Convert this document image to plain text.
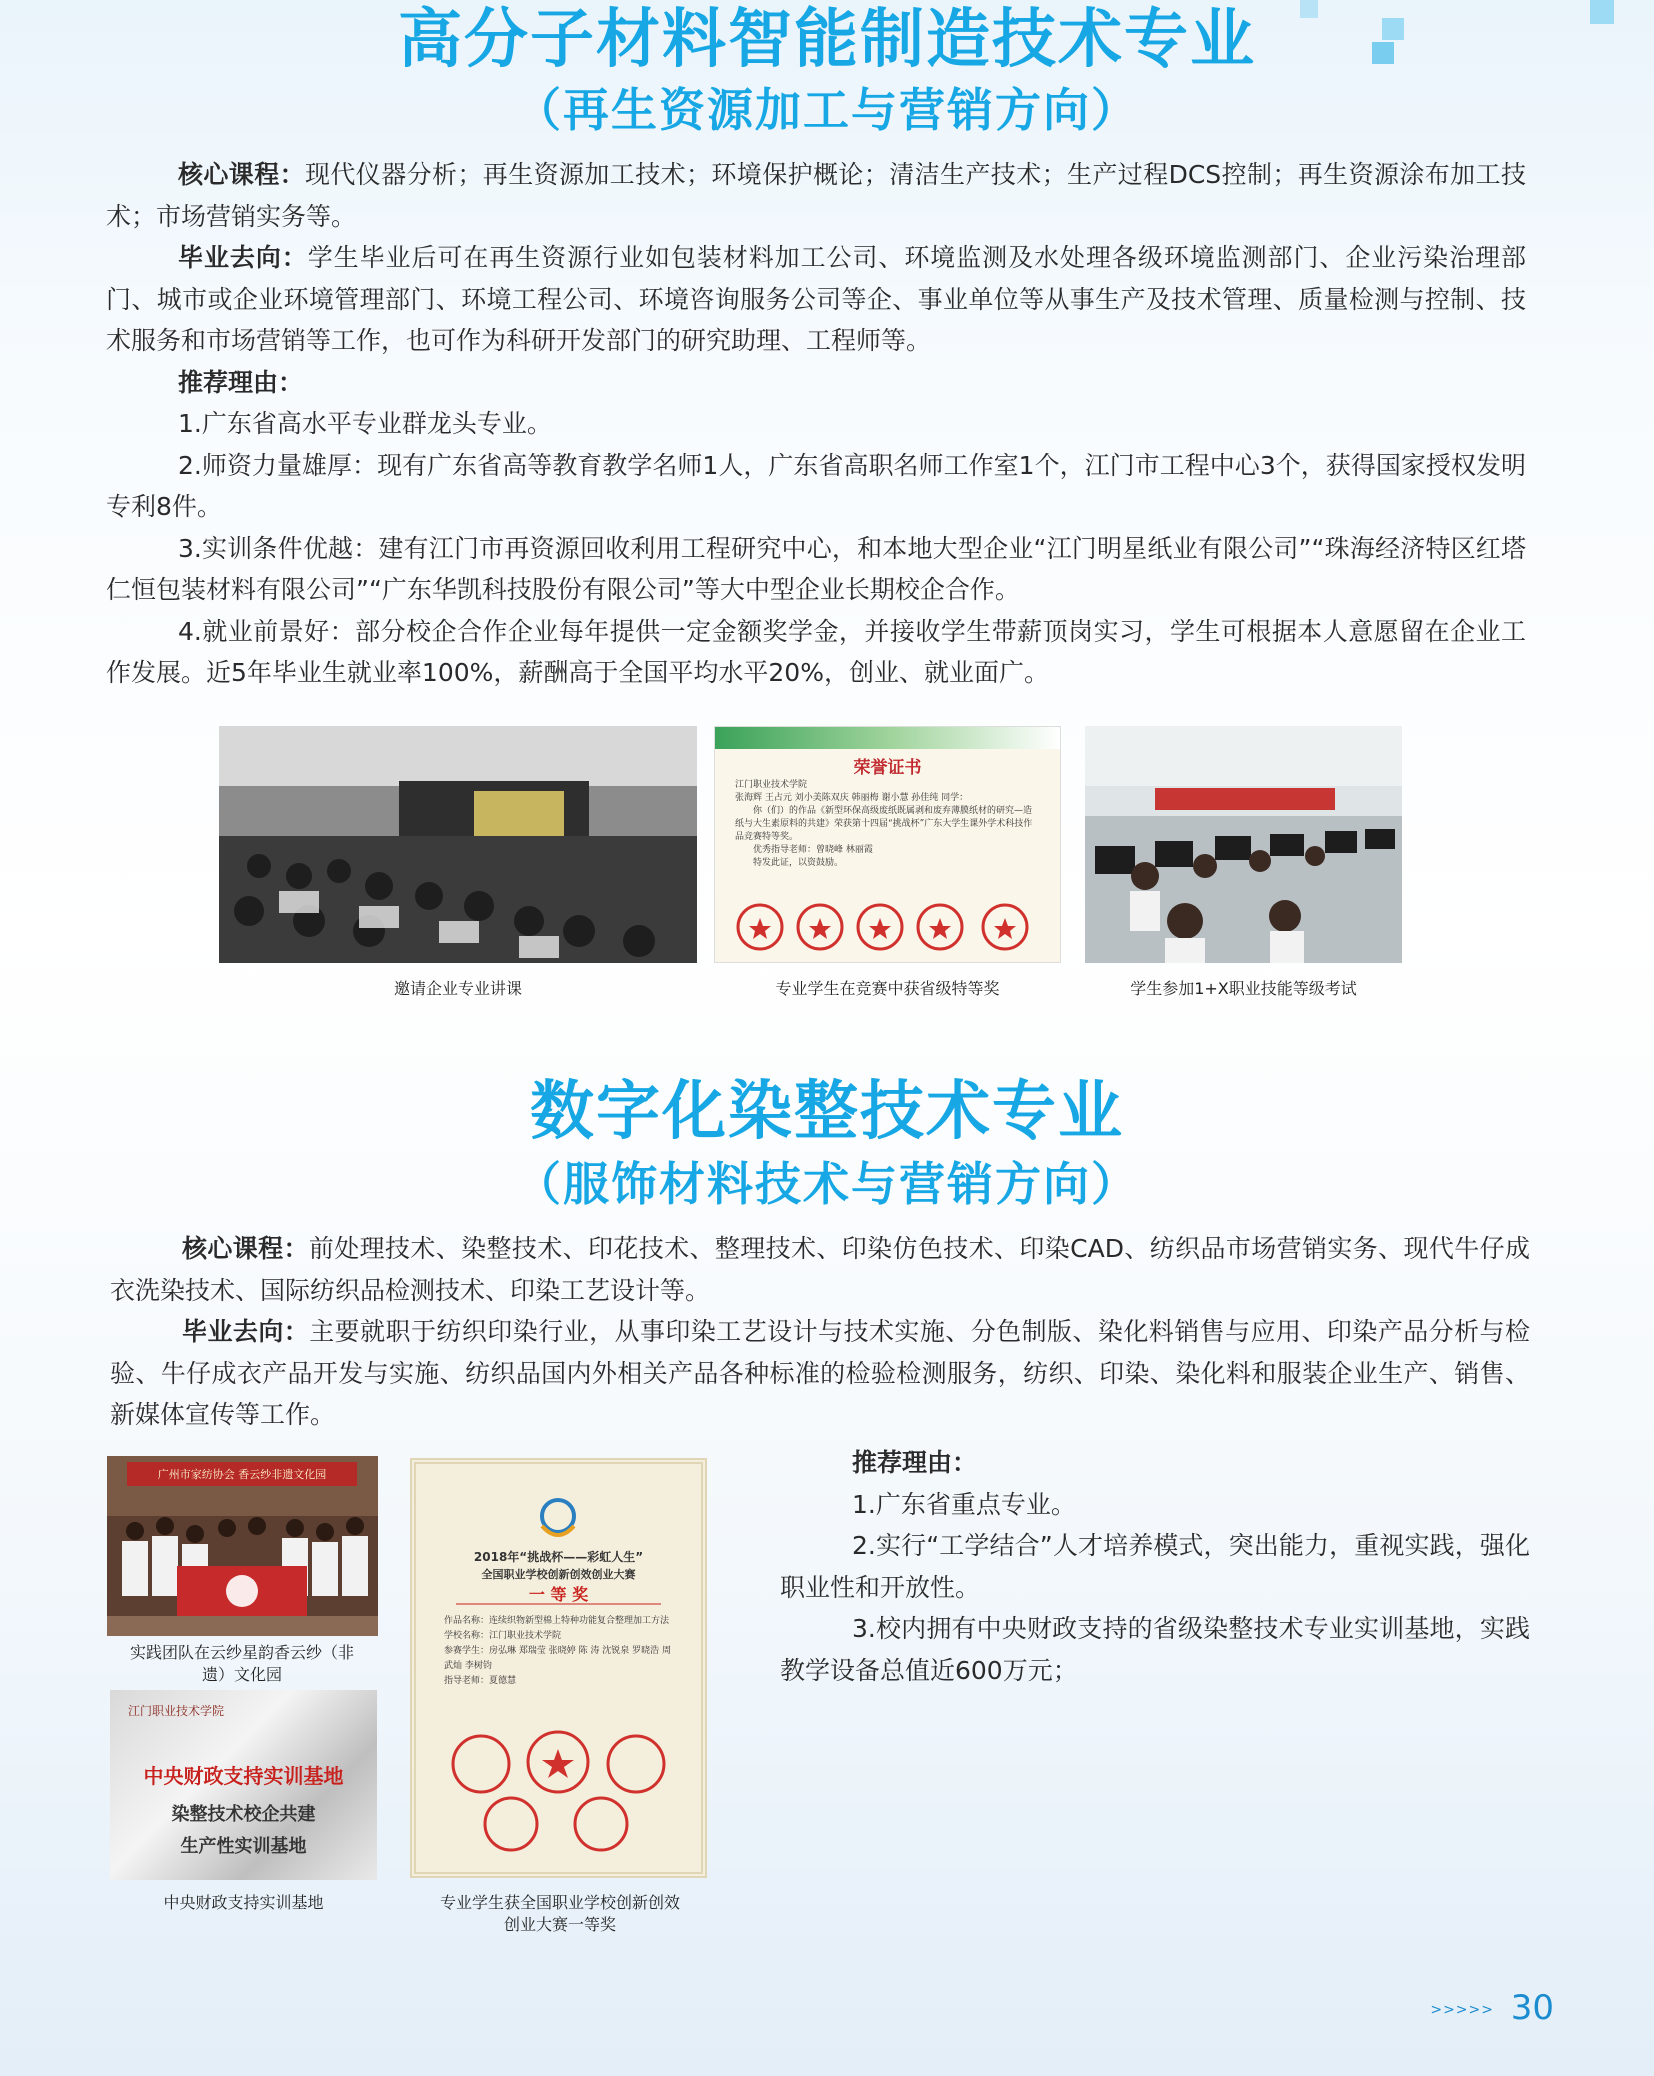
高分子材料智能制造技术专业
（再生资源加工与营销方向）

核心课程：现代仪器分析；再生资源加工技术；环境保护概论；清洁生产技术；生产过程DCS控制；再生资源涂布加工技术；市场营销实务等。

毕业去向：学生毕业后可在再生资源行业如包装材料加工公司、环境监测及水处理各级环境监测部门、企业污染治理部门、城市或企业环境管理部门、环境工程公司、环境咨询服务公司等企、事业单位等从事生产及技术管理、质量检测与控制、技术服务和市场营销等工作，也可作为科研开发部门的研究助理、工程师等。

推荐理由：

1.广东省高水平专业群龙头专业。

2.师资力量雄厚：现有广东省高等教育教学名师1人，广东省高职名师工作室1个，江门市工程中心3个，获得国家授权发明专利8件。

3.实训条件优越：建有江门市再资源回收利用工程研究中心，和本地大型企业“江门明星纸业有限公司”“珠海经济特区红塔仁恒包装材料有限公司”“广东华凯科技股份有限公司”等大中型企业长期校企合作。

4.就业前景好：部分校企合作企业每年提供一定金额奖学金，并接收学生带薪顶岗实习，学生可根据本人意愿留在企业工作发展。近5年毕业生就业率100%，薪酬高于全国平均水平20%，创业、就业面广。

荣誉证书
江门职业技术学院
张海辉 王占元 刘小美陈双庆 韩丽梅 谢小慧 孙佳纯 同学：
你（们）的作品《新型环保高级废纸既属剥和废弃薄膜纸材的研究—造纸与大生素原料的共建》荣获第十四届“挑战杯”广东大学生课外学术科技作品竞赛特等奖。
优秀指导老师：曾晓峰 林丽霞
特发此证，以资鼓励。
邀请企业专业讲课	专业学生在竞赛中获省级特等奖	学生参加1+X职业技能等级考试
数字化染整技术专业
（服饰材料技术与营销方向）

核心课程：前处理技术、染整技术、印花技术、整理技术、印染仿色技术、印染CAD、纺织品市场营销实务、现代牛仔成衣洗染技术、国际纺织品检测技术、印染工艺设计等。

毕业去向：主要就职于纺织印染行业，从事印染工艺设计与技术实施、分色制版、染化料销售与应用、印染产品分析与检验、牛仔成衣产品开发与实施、纺织品国内外相关产品各种标准的检验检测服务，纺织、印染、染化料和服装企业生产、销售、新媒体宣传等工作。

推荐理由：

1.广东省重点专业。

2.实行“工学结合”人才培养模式，突出能力，重视实践，强化职业性和开放性。

3.校内拥有中央财政支持的省级染整技术专业实训基地，实践教学设备总值近600万元；

广州市家纺协会 香云纱非遗文化园
实践团队在云纱星韵香云纱（非遗）文化园
江门职业技术学院
中央财政支持实训基地
染整技术校企共建
生产性实训基地
中央财政支持实训基地
2018年“挑战杯——彩虹人生”
全国职业学校创新创效创业大赛
一 等 奖
作品名称：连续织物新型棉上特种功能复合整理加工方法
学校名称：江门职业技术学院
参赛学生：房弘琳 郑瑞莹 张晓婷 陈 涛 沈锐泉 罗晓浩 周武灿 李树钧
指导老师：夏德慧
专业学生获全国职业学校创新创效创业大赛一等奖
>>>>> 30
